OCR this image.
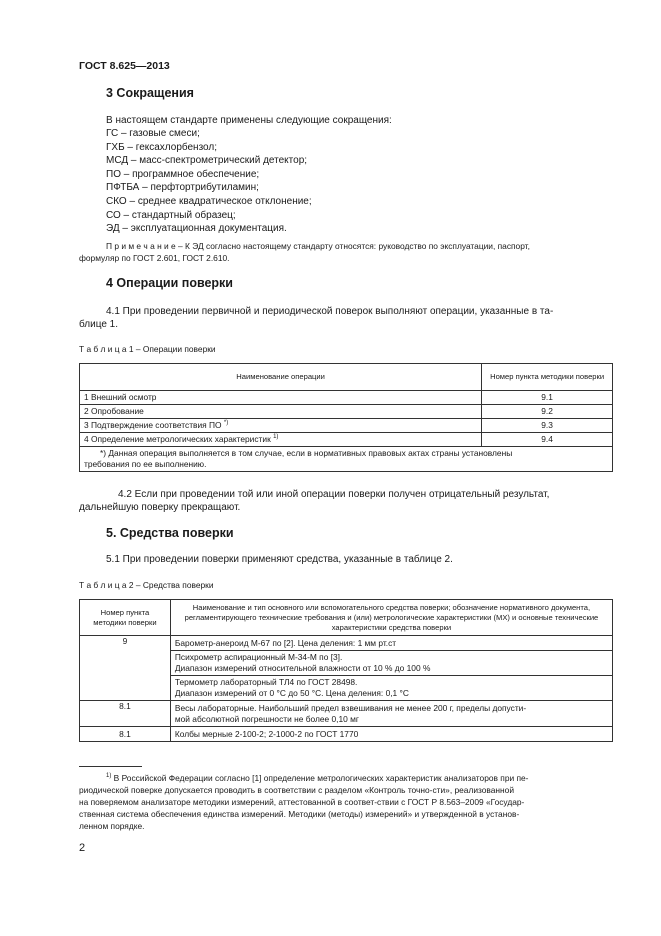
ГОСТ 8.625—2013
3 Сокращения
В настоящем стандарте применены следующие сокращения:
ГС – газовые смеси;
ГХБ – гексахлорбензол;
МСД – масс-спектрометрический детектор;
ПО – программное обеспечение;
ПФТБА – перфтортрибутиламин;
СКО – среднее квадратическое отклонение;
СО – стандартный образец;
ЭД – эксплуатационная документация.
П р и м е ч а н и е – К ЭД согласно настоящему стандарту относятся: руководство по эксплуатации, паспорт,
формуляр по ГОСТ 2.601, ГОСТ 2.610.
4 Операции поверки
4.1 При проведении первичной и периодической поверок выполняют операции, указанные в та-
блице 1.
Т а б л и ц а 1 – Операции поверки
Наименование операции	Номер пункта методики поверки
1 Внешний осмотр	9.1
2 Опробование	9.2
3 Подтверждение соответствия ПО *)	9.3
4 Определение метрологических характеристик $^{1)}$	9.4

*) Данная операция выполняется в том случае, если в нормативных правовых актах страны установлены
требования по ее выполнению.	
4.2 Если при проведении той или иной операции поверки получен отрицательный результат,
дальнейшую поверку прекращают.
5. Средства поверки
5.1 При проведении поверки применяют средства, указанные в таблице 2.
Т а б л и ц а 2 – Средства поверки
Номер пункта методики поверки	Наименование и тип основного или вспомогательного средства поверки; обозначение нормативного документа, регламентирующего технические требования и (или) метрологические характеристики (МХ) и основные технические характеристики средства поверки
9	Барометр-анероид М-67 по [2]. Цена деления: 1 мм рт.ст

	Психрометр аспирационный М-34-М по [3].
Диапазон измерений относительной влажности от 10 % до 100 %

	Термометр лабораторный ТЛ4 по ГОСТ 28498.
Диапазон измерений от 0 °С до 50 °С. Цена деления: 0,1 °С

8.1	Весы лабораторные. Наибольший предел взвешивания не менее 200 г, пределы допусти-
мой абсолютной погрешности не более 0,10 мг

8.1	Колбы мерные 2-100-2; 2-1000-2 по ГОСТ 1770
$^{1)}$ В Российской Федерации согласно [1] определение метрологических характеристик анализаторов при пе-
риодической поверке допускается проводить в соответствии с разделом «Контроль точно-сти», реализованной
на поверяемом анализаторе методики измерений, аттестованной в соответ-ствии с ГОСТ Р 8.563–2009 «Государ-
ственная система обеспечения единства измерений. Методики (методы) измерений» и утвержденной в установ-
ленном порядке.
2
